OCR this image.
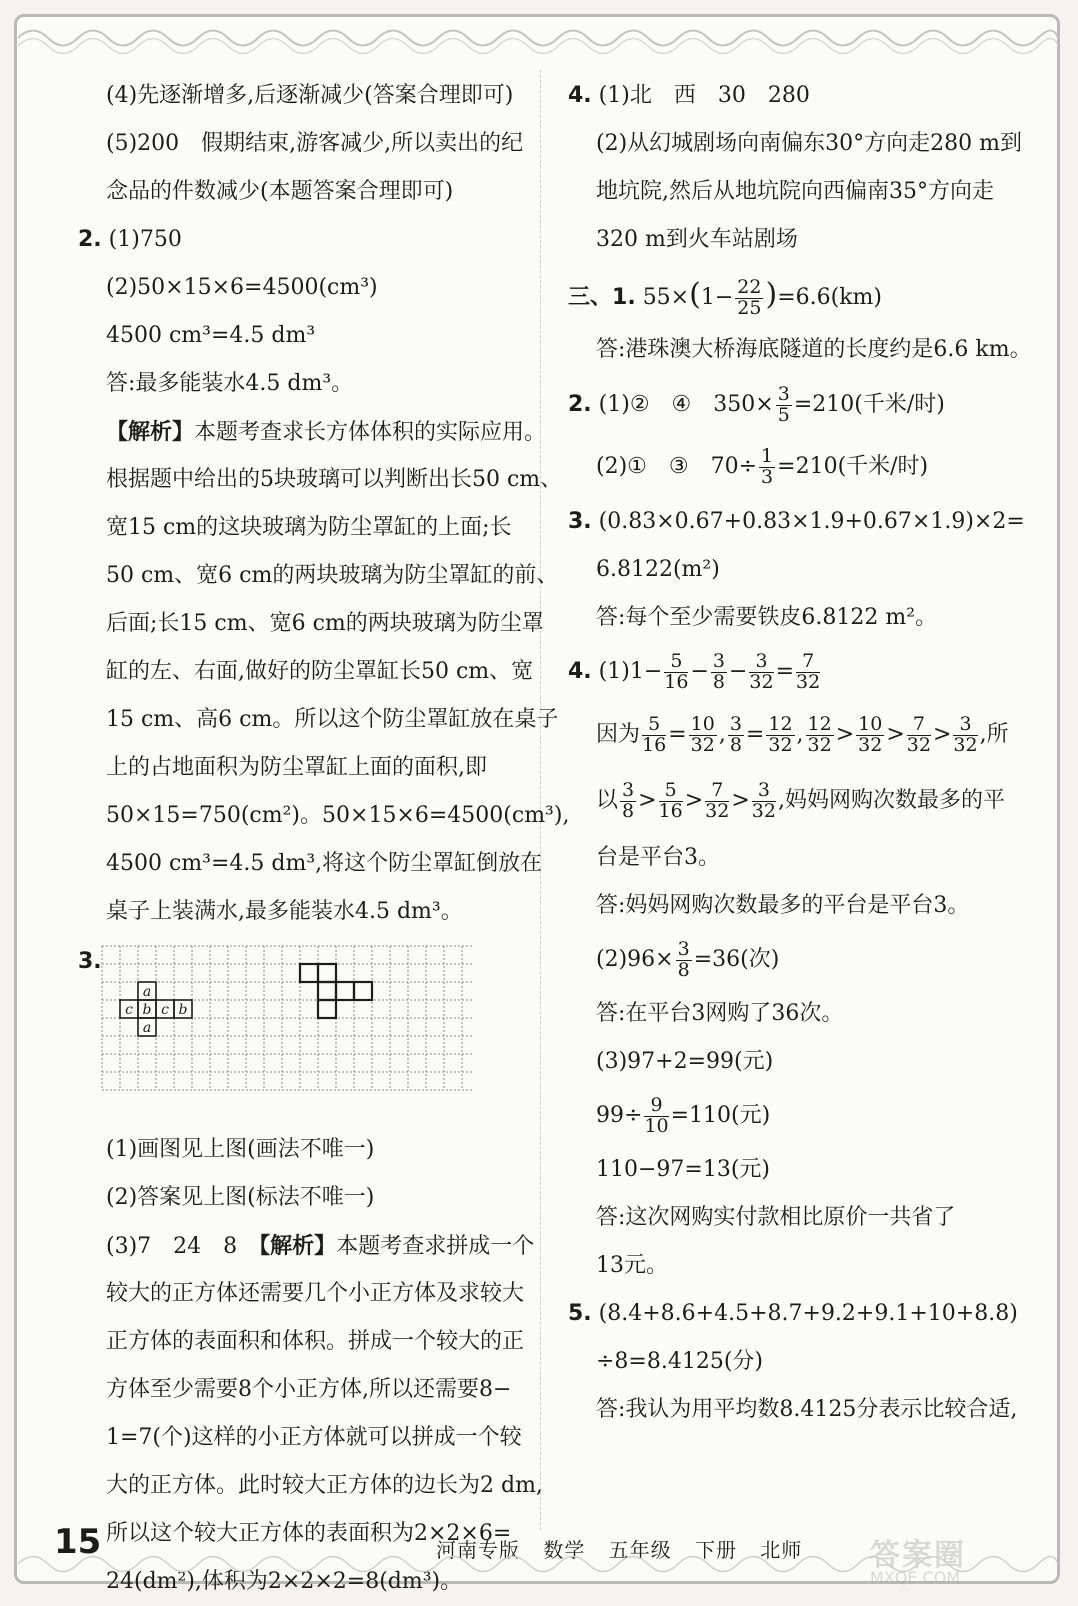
(4)先逐渐增多,后逐渐减少(答案合理即可)
(5)200　假期结束,游客减少,所以卖出的纪
念品的件数减少(本题答案合理即可)
2. (1)750
(2)50×15×6=4500(cm³)
4500 cm³=4.5 dm³
答:最多能装水4.5 dm³。
【解析】本题考查求长方体体积的实际应用。
根据题中给出的5块玻璃可以判断出长50 cm、
宽15 cm的这块玻璃为防尘罩缸的上面;长
50 cm、宽6 cm的两块玻璃为防尘罩缸的前、
后面;长15 cm、宽6 cm的两块玻璃为防尘罩
缸的左、右面,做好的防尘罩缸长50 cm、宽
15 cm、高6 cm。所以这个防尘罩缸放在桌子
上的占地面积为防尘罩缸上面的面积,即
50×15=750(cm²)。50×15×6=4500(cm³),
4500 cm³=4.5 dm³,将这个防尘罩缸倒放在
桌子上装满水,最多能装水4.5 dm³。
3.
a
c b c b
a
(1)画图见上图(画法不唯一)
(2)答案见上图(标法不唯一)
(3)7　24　8　 【解析】本题考查求拼成一个
较大的正方体还需要几个小正方体及求较大
正方体的表面积和体积。拼成一个较大的正
方体至少需要8个小正方体,所以还需要8−
1=7(个)这样的小正方体就可以拼成一个较
大的正方体。此时较大正方体的边长为2 dm,
所以这个较大正方体的表面积为2×2×6=
24(dm²),体积为2×2×2=8(dm³)。
4. (1)北　西　30　280
(2)从幻城剧场向南偏东30°方向走280 m到
地坑院,然后从地坑院向西偏南35°方向走
320 m到火车站剧场
三、1. $55\times(1- \frac{22}{25} )=6.6(km)$
答:港珠澳大桥海底隧道的长度约是6.6 km。
2. (1)②　④　$350\times \frac{3}{5} =210$(千米/时)
(2)①　③　$70\div \frac{1}{3} =210$(千米/时)
3. (0.83×0.67+0.83×1.9+0.67×1.9)×2=
6.8122(m²)
答:每个至少需要铁皮6.8122 m²。
4. $(1)1- \frac{5}{16} - \frac{3}{8} - \frac{3}{32} = \frac{7}{32}$
因为 $\frac{5}{16} = \frac{10}{32}$ , $\frac{3}{8} = \frac{12}{32}$ , $\frac{12}{32} > \frac{10}{32} > \frac{7}{32} > \frac{3}{32}$ ,所
以 $\frac{3}{8} > \frac{5}{16} > \frac{7}{32} > \frac{3}{32}$ ,妈妈网购次数最多的平
台是平台3。
答:妈妈网购次数最多的平台是平台3。
$(2)96\times \frac{3}{8} =36$(次)
答:在平台3网购了36次。
(3)97+2=99(元)
$99\div \frac{9}{10} =110$(元)
110−97=13(元)
答:这次网购实付款相比原价一共省了
13元。
5. (8.4+8.6+4.5+8.7+9.2+9.1+10+8.8)
÷8=8.4125(分)
答:我认为用平均数8.4125分表示比较合适,
15	河南专版 数学 五年级 下册 北师 答案圈
MXQE.COM
